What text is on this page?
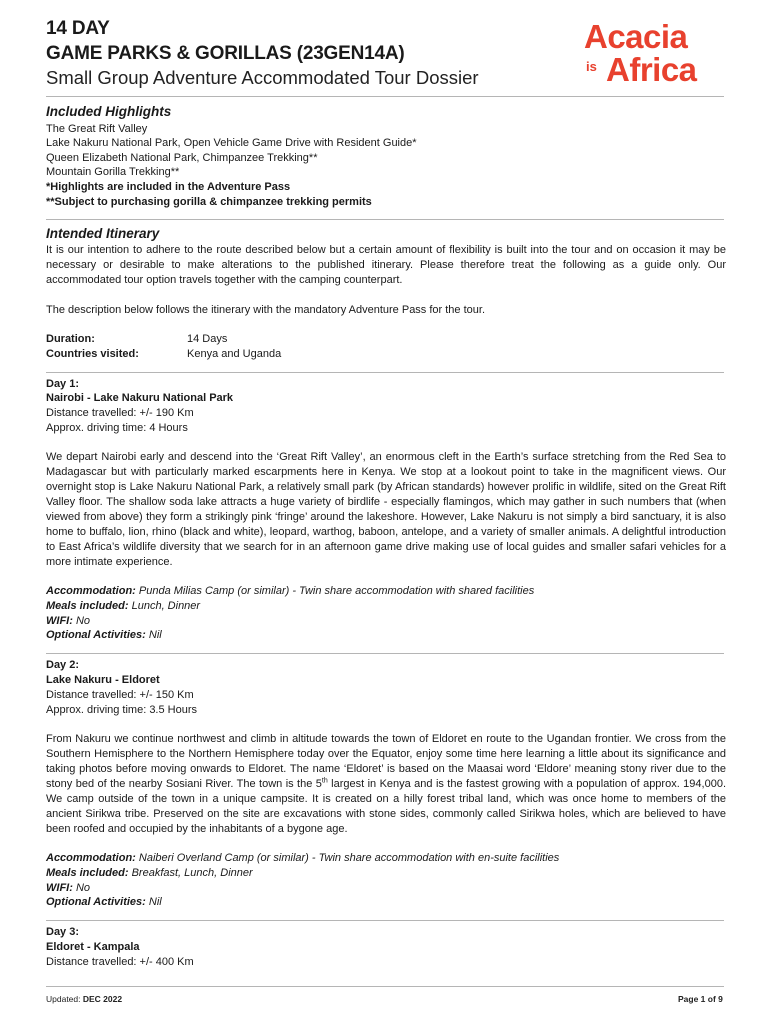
14 DAY
GAME PARKS & GORILLAS (23GEN14A)
Small Group Adventure Accommodated Tour Dossier
Acacia
is Africa
Included Highlights
The Great Rift Valley
Lake Nakuru National Park, Open Vehicle Game Drive with Resident Guide*
Queen Elizabeth National Park, Chimpanzee Trekking**
Mountain Gorilla Trekking**
*Highlights are included in the Adventure Pass
**Subject to purchasing gorilla & chimpanzee trekking permits
Intended Itinerary
It is our intention to adhere to the route described below but a certain amount of flexibility is built into the tour and on occasion it may be necessary or desirable to make alterations to the published itinerary. Please therefore treat the following as a guide only. Our accommodated tour option travels together with the camping counterpart.
The description below follows the itinerary with the mandatory Adventure Pass for the tour.
Duration:	14 Days
Countries visited:	Kenya and Uganda
Day 1:
Nairobi - Lake Nakuru National Park
Distance travelled: +/- 190 Km
Approx. driving time: 4 Hours
We depart Nairobi early and descend into the ‘Great Rift Valley’, an enormous cleft in the Earth’s surface stretching from the Red Sea to Madagascar but with particularly marked escarpments here in Kenya. We stop at a lookout point to take in the magnificent views. Our overnight stop is Lake Nakuru National Park, a relatively small park (by African standards) however prolific in wildlife, sited on the Great Rift Valley floor. The shallow soda lake attracts a huge variety of birdlife - especially flamingos, which may gather in such numbers that (when viewed from above) they form a strikingly pink ‘fringe’ around the lakeshore. However, Lake Nakuru is not simply a bird sanctuary, it is also home to buffalo, lion, rhino (black and white), leopard, warthog, baboon, antelope, and a variety of smaller animals. A delightful introduction to East Africa’s wildlife diversity that we search for in an afternoon game drive making use of local guides and smaller safari vehicles for a more intimate experience.
Accommodation: Punda Milias Camp (or similar) - Twin share accommodation with shared facilities
Meals included: Lunch, Dinner
WIFI: No
Optional Activities: Nil
Day 2:
Lake Nakuru - Eldoret
Distance travelled: +/- 150 Km
Approx. driving time: 3.5 Hours
From Nakuru we continue northwest and climb in altitude towards the town of Eldoret en route to the Ugandan frontier. We cross from the Southern Hemisphere to the Northern Hemisphere today over the Equator, enjoy some time here learning a little about its significance and taking photos before moving onwards to Eldoret. The name ‘Eldoret’ is based on the Maasai word ‘Eldore’ meaning stony river due to the stony bed of the nearby Sosiani River. The town is the 5th largest in Kenya and is the fastest growing with a population of approx. 194,000. We camp outside of the town in a unique campsite. It is created on a hilly forest tribal land, which was once home to members of the ancient Sirikwa tribe. Preserved on the site are excavations with stone sides, commonly called Sirikwa holes, which are believed to have been roofed and occupied by the inhabitants of a bygone age.
Accommodation: Naiberi Overland Camp (or similar) - Twin share accommodation with en-suite facilities
Meals included: Breakfast, Lunch, Dinner
WIFI: No
Optional Activities: Nil
Day 3:
Eldoret - Kampala
Distance travelled: +/- 400 Km
Updated: DEC 2022	Page 1 of 9
